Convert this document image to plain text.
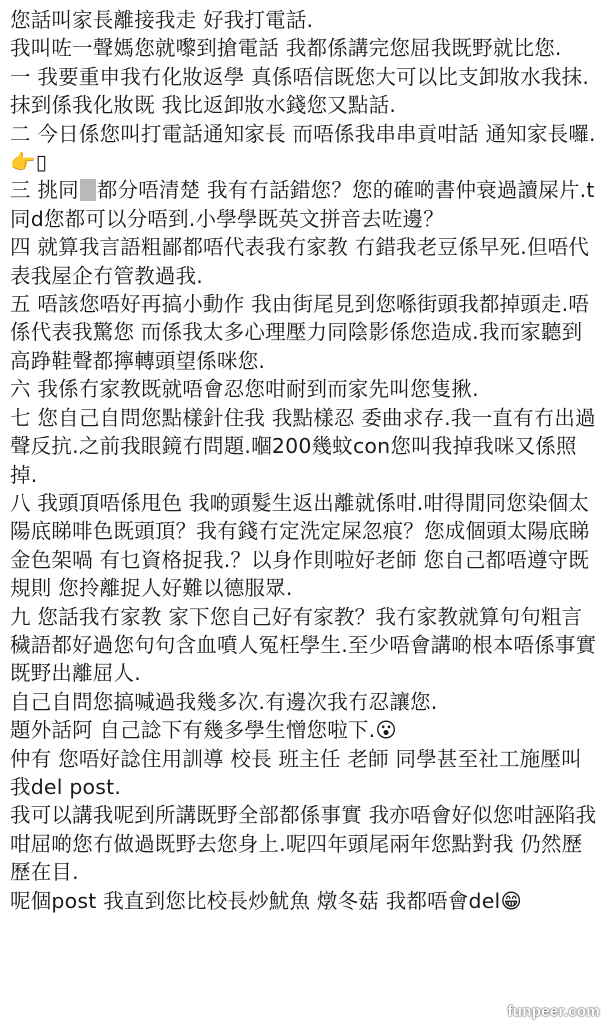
您話叫家長離接我走 好我打電話.

我叫咗一聲媽您就嚟到搶電話 我都係講完您屈我既野就比您.

一 我要重申我冇化妝返學 真係唔信既您大可以比支卸妝水我抹.抹到係我化妝既 我比返卸妝水錢您又點話.

二 今日係您叫打電話通知家長 而唔係我串串貢咁話 通知家長囉.👉▯

三 挑同 都分唔清楚 我有冇話錯您？您的確啲書仲衰過讀屎片.t同d您都可以分唔到.小學學既英文拼音去咗邊？

四 就算我言語粗鄙都唔代表我冇家教 冇錯我老豆係早死.但唔代表我屋企冇管教過我.

五 唔該您唔好再搞小動作 我由街尾見到您喺街頭我都掉頭走.唔係代表我驚您 而係我太多心理壓力同陰影係您造成.我而家聽到高踭鞋聲都擰轉頭望係咪您.

六 我係冇家教既就唔會忍您咁耐到而家先叫您隻揪.

七 您自己自問您點樣針住我 我點樣忍 委曲求存.我一直有冇出過聲反抗.之前我眼鏡冇問題.嗰200幾蚊con您叫我掉我咪又係照掉.

八 我頭頂唔係甩色 我啲頭髮生返出離就係咁.咁得閒同您染個太陽底睇啡色既頭頂？我有錢冇定洗定屎忽痕？您成個頭太陽底睇金色架喎 有乜資格捉我.？以身作則啦好老師 您自己都唔遵守既規則 您拎離捉人好難以德服眾.

九 您話我冇家教 家下您自己好有家教？我冇家教就算句句粗言穢語都好過您句句含血噴人冤枉學生.至少唔會講啲根本唔係事實既野出離屈人.

自己自問您搞喊過我幾多次.有邊次我冇忍讓您.

題外話阿 自己諗下有幾多學生憎您啦下.😮

仲有 您唔好諗住用訓導 校長 班主任 老師 同學甚至社工施壓叫我del post.

我可以講我呢到所講既野全部都係事實 我亦唔會好似您咁誣陷我咁屈啲您冇做過既野去您身上.呢四年頭尾兩年您點對我 仍然歷歷在目.

呢個post 我直到您比校長炒魷魚 燉冬菇 我都唔會del😁

funpeer.com
